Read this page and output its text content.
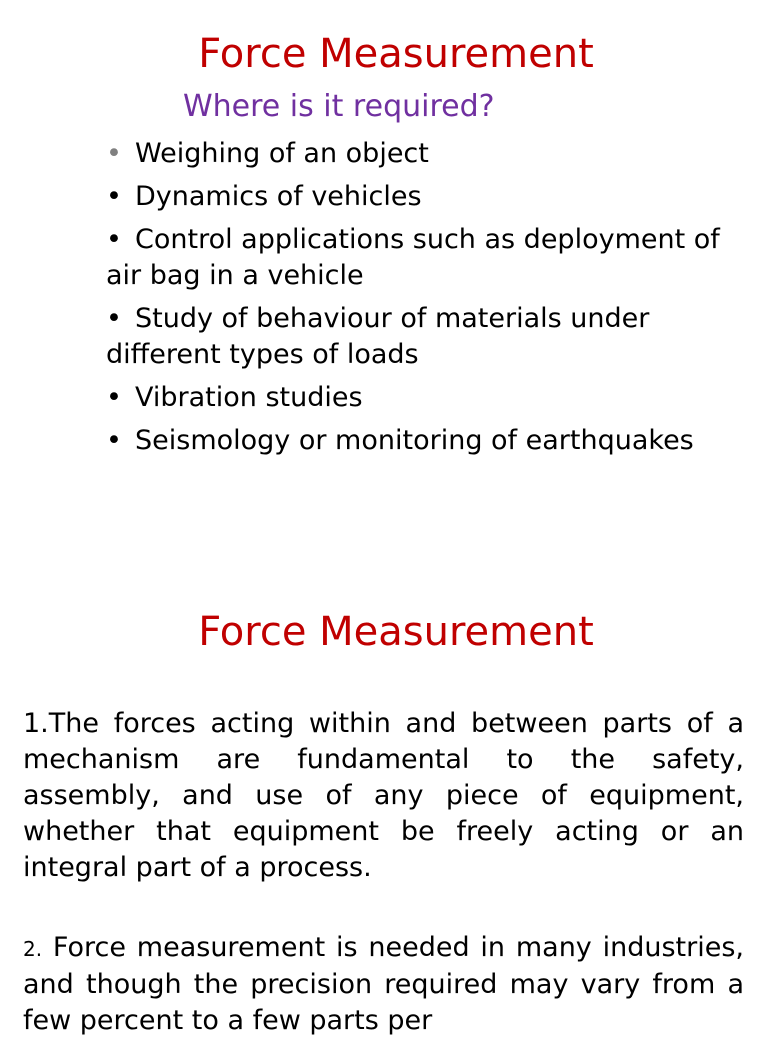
Force Measurement
Where is it required?
• Weighing of an object
• Dynamics of vehicles
• Control applications such as deployment of air bag in a vehicle
• Study of behaviour of materials under different types of loads
• Vibration studies
• Seismology or monitoring of earthquakes
Force Measurement

1.The forces acting within and between parts of a mechanism are fundamental to the safety, assembly, and use of any piece of equipment, whether that equipment be freely acting or an integral part of a process.

2. Force measurement is needed in many industries, and though the precision required may vary from a few percent to a few parts per
